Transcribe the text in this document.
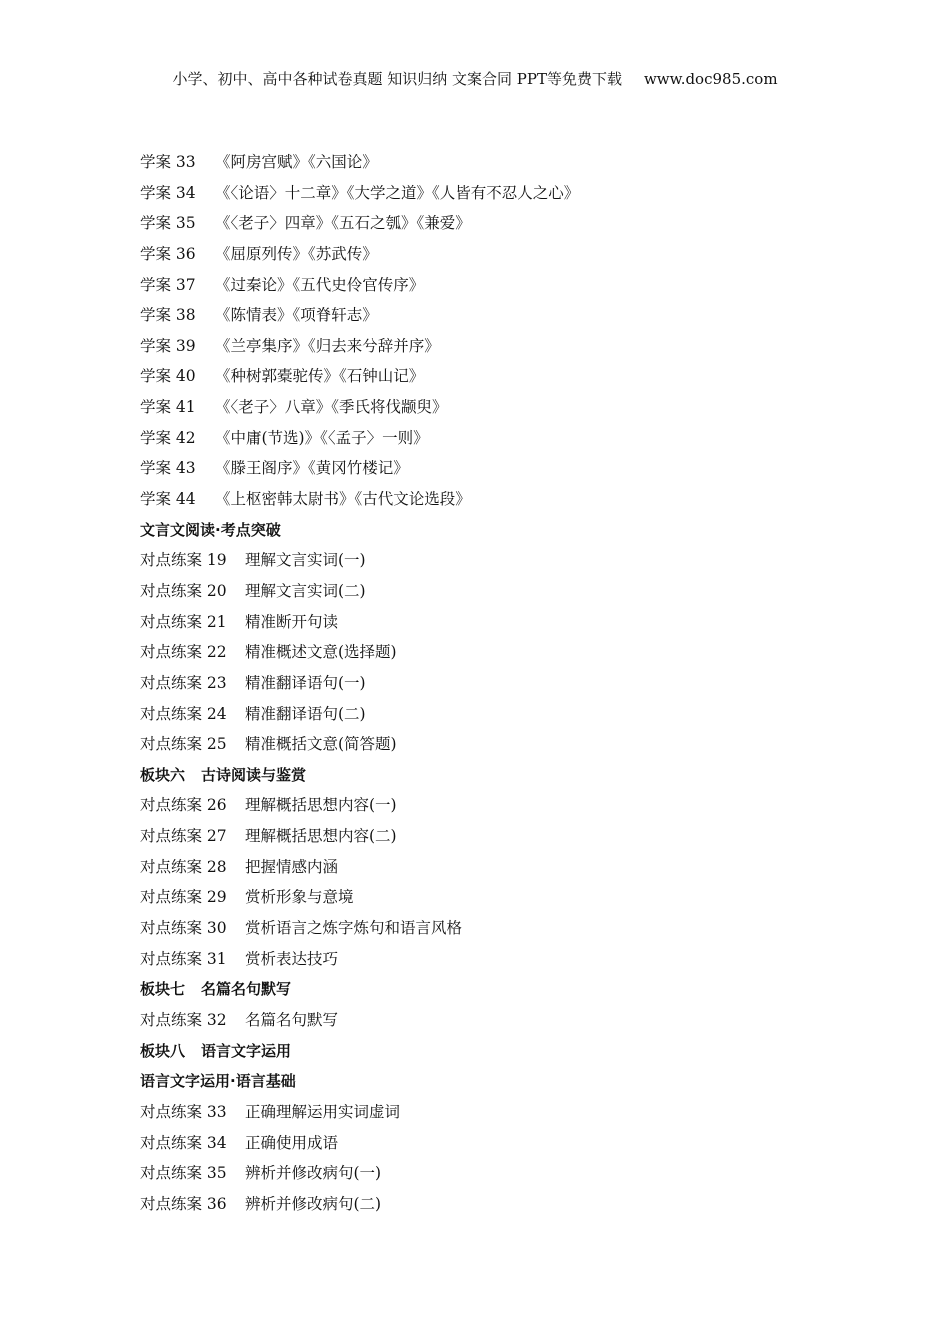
小学、初中、高中各种试卷真题 知识归纳 文案合同 PPT等免费下载 www.doc985.com
学案 33 《阿房宫赋》《六国论》
学案 34 《〈论语〉十二章》《大学之道》《人皆有不忍人之心》
学案 35 《〈老子〉四章》《五石之瓠》《兼爱》
学案 36 《屈原列传》《苏武传》
学案 37 《过秦论》《五代史伶官传序》
学案 38 《陈情表》《项脊轩志》
学案 39 《兰亭集序》《归去来兮辞并序》
学案 40 《种树郭橐驼传》《石钟山记》
学案 41 《〈老子〉八章》《季氏将伐颛臾》
学案 42 《中庸(节选)》《〈孟子〉一则》
学案 43 《滕王阁序》《黄冈竹楼记》
学案 44 《上枢密韩太尉书》《古代文论选段》
文言文阅读·考点突破
对点练案 19 理解文言实词(一)
对点练案 20 理解文言实词(二)
对点练案 21 精准断开句读
对点练案 22 精准概述文意(选择题)
对点练案 23 精准翻译语句(一)
对点练案 24 精准翻译语句(二)
对点练案 25 精准概括文意(简答题)
板块六 古诗阅读与鉴赏
对点练案 26 理解概括思想内容(一)
对点练案 27 理解概括思想内容(二)
对点练案 28 把握情感内涵
对点练案 29 赏析形象与意境
对点练案 30 赏析语言之炼字炼句和语言风格
对点练案 31 赏析表达技巧
板块七 名篇名句默写
对点练案 32 名篇名句默写
板块八 语言文字运用
语言文字运用·语言基础
对点练案 33 正确理解运用实词虚词
对点练案 34 正确使用成语
对点练案 35 辨析并修改病句(一)
对点练案 36 辨析并修改病句(二)
